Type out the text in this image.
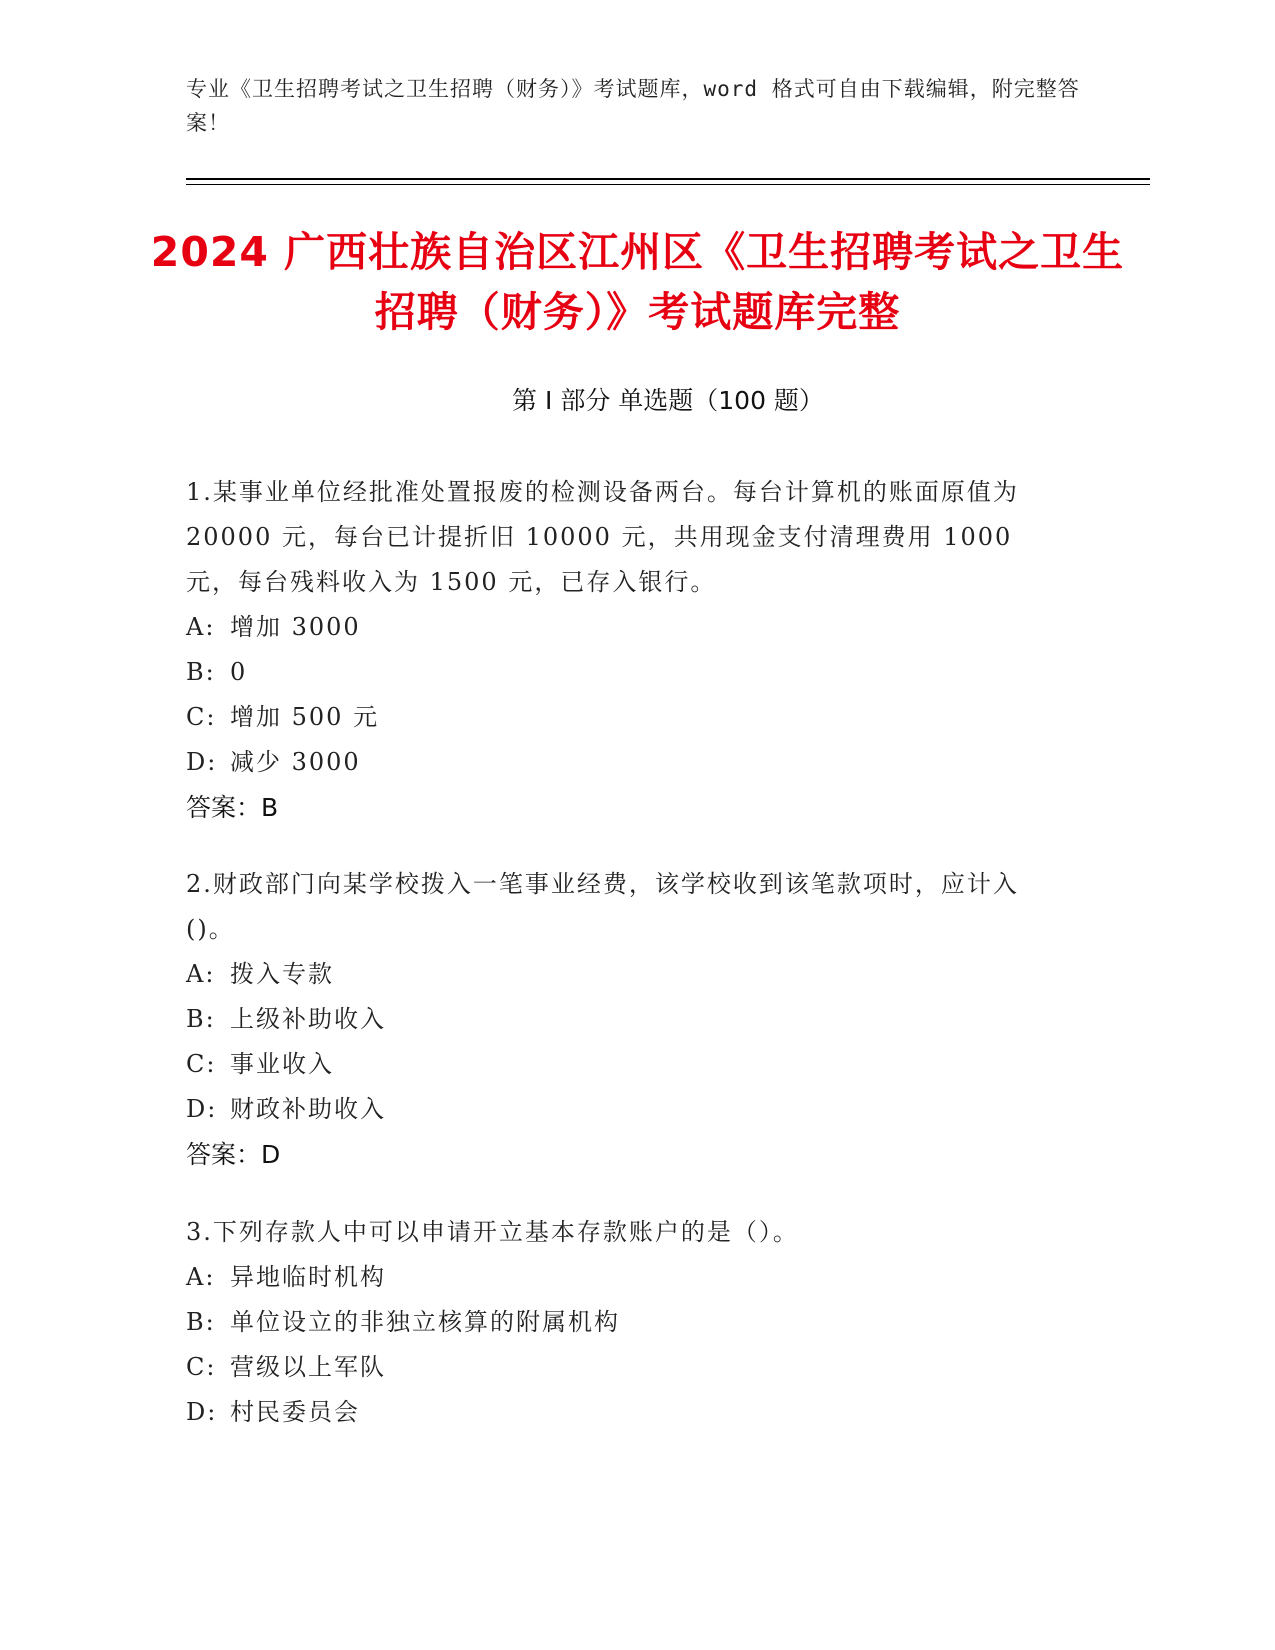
专业《卫生招聘考试之卫生招聘（财务）》考试题库，word 格式可自由下载编辑，附完整答案！
2024 广西壮族自治区江州区《卫生招聘考试之卫生招聘（财务）》考试题库完整
第 I 部分 单选题（100 题）
1.某事业单位经批准处置报废的检测设备两台。每台计算机的账面原值为 20000 元，每台已计提折旧 10000 元，共用现金支付清理费用 1000 元，每台残料收入为 1500 元，已存入银行。
A: 增加 3000
B: 0
C: 增加 500 元
D: 减少 3000
答案：B
2.财政部门向某学校拨入一笔事业经费，该学校收到该笔款项时，应计入()。
A: 拨入专款
B: 上级补助收入
C: 事业收入
D: 财政补助收入
答案：D
3.下列存款人中可以申请开立基本存款账户的是（）。
A: 异地临时机构
B: 单位设立的非独立核算的附属机构
C: 营级以上军队
D: 村民委员会
